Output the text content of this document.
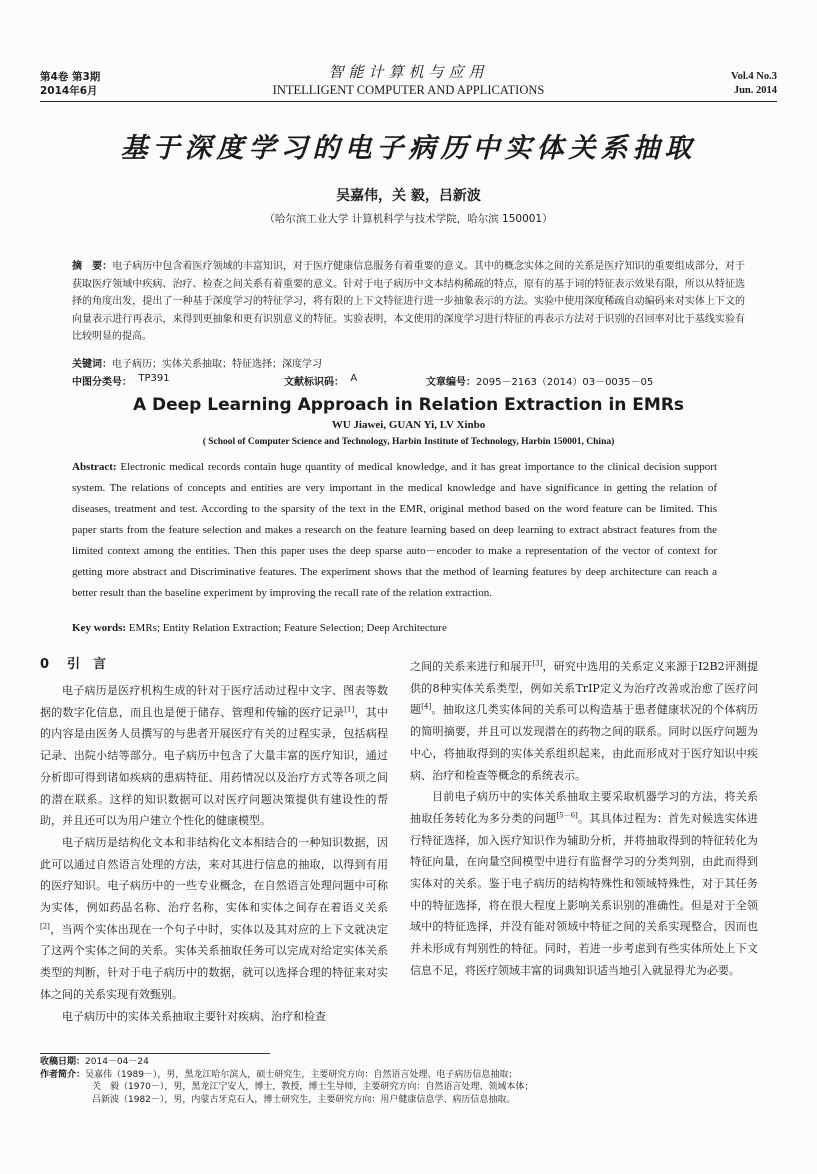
第4卷 第3期
2014年6月
智能计算机与应用
INTELLIGENT COMPUTER AND APPLICATIONS
Vol.4 No.3
Jun. 2014
基于深度学习的电子病历中实体关系抽取
吴嘉伟，关 毅，吕新波
（哈尔滨工业大学 计算机科学与技术学院，哈尔滨 150001）
摘　要：电子病历中包含着医疗领域的丰富知识，对于医疗健康信息服务有着重要的意义。其中的概念实体之间的关系是医疗知识的重要组成部分，对于获取医疗领域中疾病、治疗、检查之间关系有着重要的意义。针对于电子病历中文本结构稀疏的特点，原有的基于词的特征表示效果有限，所以从特征选择的角度出发，提出了一种基于深度学习的特征学习，将有限的上下文特征进行进一步抽象表示的方法。实验中使用深度稀疏自动编码来对实体上下文的向量表示进行再表示，来得到更抽象和更有识别意义的特征。实验表明，本文使用的深度学习进行特征的再表示方法对于识别的召回率对比于基线实验有比较明显的提高。
关键词：电子病历；实体关系抽取；特征选择；深度学习
中图分类号： TP391	文献标识码： A	文章编号： 2095－2163（2014）03－0035－05
A Deep Learning Approach in Relation Extraction in EMRs
WU Jiawei, GUAN Yi, LV Xinbo
( School of Computer Science and Technology, Harbin Institute of Technology, Harbin 150001, China)
Abstract: Electronic medical records contain huge quantity of medical knowledge, and it has great importance to the clinical decision support system. The relations of concepts and entities are very important in the medical knowledge and have significance in getting the relation of diseases, treatment and test. According to the sparsity of the text in the EMR, original method based on the word feature can be limited. This paper starts from the feature selection and makes a research on the feature learning based on deep learning to extract abstract features from the limited context among the entities. Then this paper uses the deep sparse auto－encoder to make a representation of the vector of context for getting more abstract and Discriminative features. The experiment shows that the method of learning features by deep architecture can reach a better result than the baseline experiment by improving the recall rate of the relation extraction.
Key words: EMRs; Entity Relation Extraction; Feature Selection; Deep Architecture
0 引　言

电子病历是医疗机构生成的针对于医疗活动过程中文字、图表等数据的数字化信息，而且也是便于储存、管理和传输的医疗记录[1]，其中的内容是由医务人员撰写的与患者开展医疗有关的过程实录，包括病程记录、出院小结等部分。电子病历中包含了大量丰富的医疗知识，通过分析即可得到诸如疾病的患病特征、用药情况以及治疗方式等各项之间的潜在联系。这样的知识数据可以对医疗问题决策提供有建设性的帮助，并且还可以为用户建立个性化的健康模型。

电子病历是结构化文本和非结构化文本相结合的一种知识数据，因此可以通过自然语言处理的方法，来对其进行信息的抽取，以得到有用的医疗知识。电子病历中的一些专业概念，在自然语言处理问题中可称为实体，例如药品名称、治疗名称，实体和实体之间存在着语义关系[2]，当两个实体出现在一个句子中时，实体以及其对应的上下文就决定了这两个实体之间的关系。实体关系抽取任务可以完成对给定实体关系类型的判断，针对于电子病历中的数据，就可以选择合理的特征来对实体之间的关系实现有效甄别。

电子病历中的实体关系抽取主要针对疾病、治疗和检查

之间的关系来进行和展开[3]，研究中选用的关系定义来源于I2B2评测提供的8种实体关系类型，例如关系TrIP定义为治疗改善或治愈了医疗问题[4]。抽取这几类实体间的关系可以构造基于患者健康状况的个体病历的简明摘要，并且可以发现潜在的药物之间的联系。同时以医疗问题为中心，将抽取得到的实体关系组织起来，由此而形成对于医疗知识中疾病、治疗和检查等概念的系统表示。

目前电子病历中的实体关系抽取主要采取机器学习的方法，将关系抽取任务转化为多分类的问题[5－6]。其具体过程为：首先对候选实体进行特征选择，加入医疗知识作为辅助分析，并将抽取得到的特征转化为特征向量，在向量空间模型中进行有监督学习的分类判别，由此而得到实体对的关系。鉴于电子病历的结构特殊性和领域特殊性，对于其任务中的特征选择，将在很大程度上影响关系识别的准确性。但是对于全领域中的特征选择，并没有能对领域中特征之间的关系实现整合，因而也并未形成有判别性的特征。同时，若进一步考虑到有些实体所处上下文信息不足，将医疗领域丰富的词典知识适当地引入就显得尤为必要。

收稿日期：2014－04－24
作者简介：吴嘉伟（1989－），男，黑龙江哈尔滨人，硕士研究生，主要研究方向：自然语言处理、电子病历信息抽取；
关　毅（1970－），男，黑龙江宁安人，博士，教授，博士生导师，主要研究方向：自然语言处理、领域本体；
吕新波（1982－），男，内蒙古牙克石人，博士研究生，主要研究方向：用户健康信息学、病历信息抽取。
